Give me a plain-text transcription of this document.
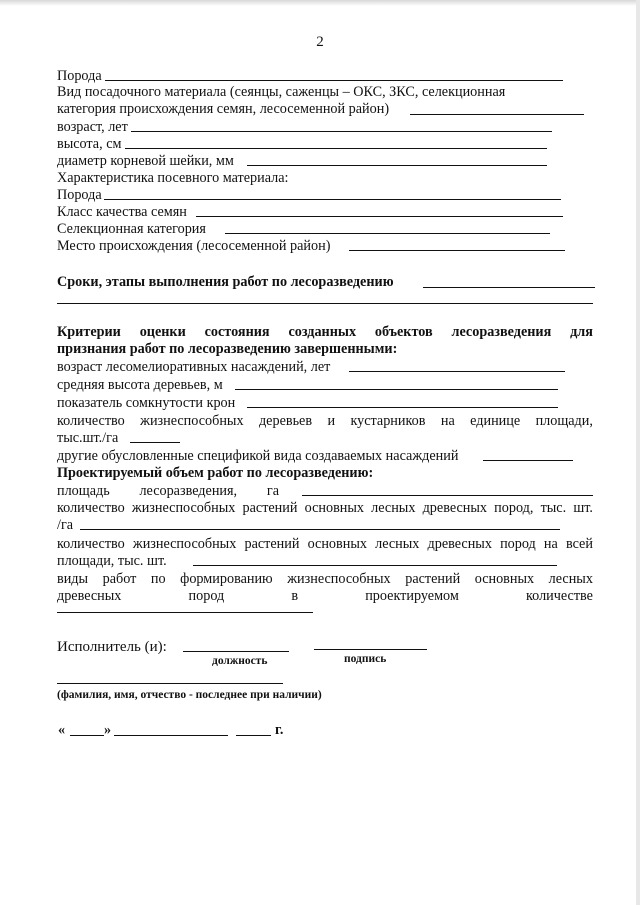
2
Порода
Вид посадочного материала (сеянцы, саженцы – ОКС, ЗКС, селекционная
категория происхождения семян, лесосеменной район)
возраст, лет
высота, см
диаметр корневой шейки, мм
Характеристика посевного материала:
Порода
Класс качества семян
Селекционная категория
Место происхождения (лесосеменной район)
Сроки, этапы выполнения работ по лесоразведению
Критерии оценки состояния созданных объектов лесоразведения для
признания работ по лесоразведению завершенными:
возраст лесомелиоративных насаждений, лет
средняя высота деревьев, м
показатель сомкнутости крон
количество жизнеспособных деревьев и кустарников на единице площади,
тыс.шт./га
другие обусловленные спецификой вида создаваемых насаждений
Проектируемый объем работ по лесоразведению:
площадь лесоразведения, га
количество жизнеспособных растений основных лесных древесных пород, тыс. шт.
/га
количество жизнеспособных растений основных лесных древесных пород на всей
площади, тыс. шт.
виды работ по формированию жизнеспособных растений основных лесных
древесных	пород	в	проектируемом	количестве
Исполнитель (и):
должность	подпись
(фамилия, имя, отчество - последнее при наличии)
«	»	г.
